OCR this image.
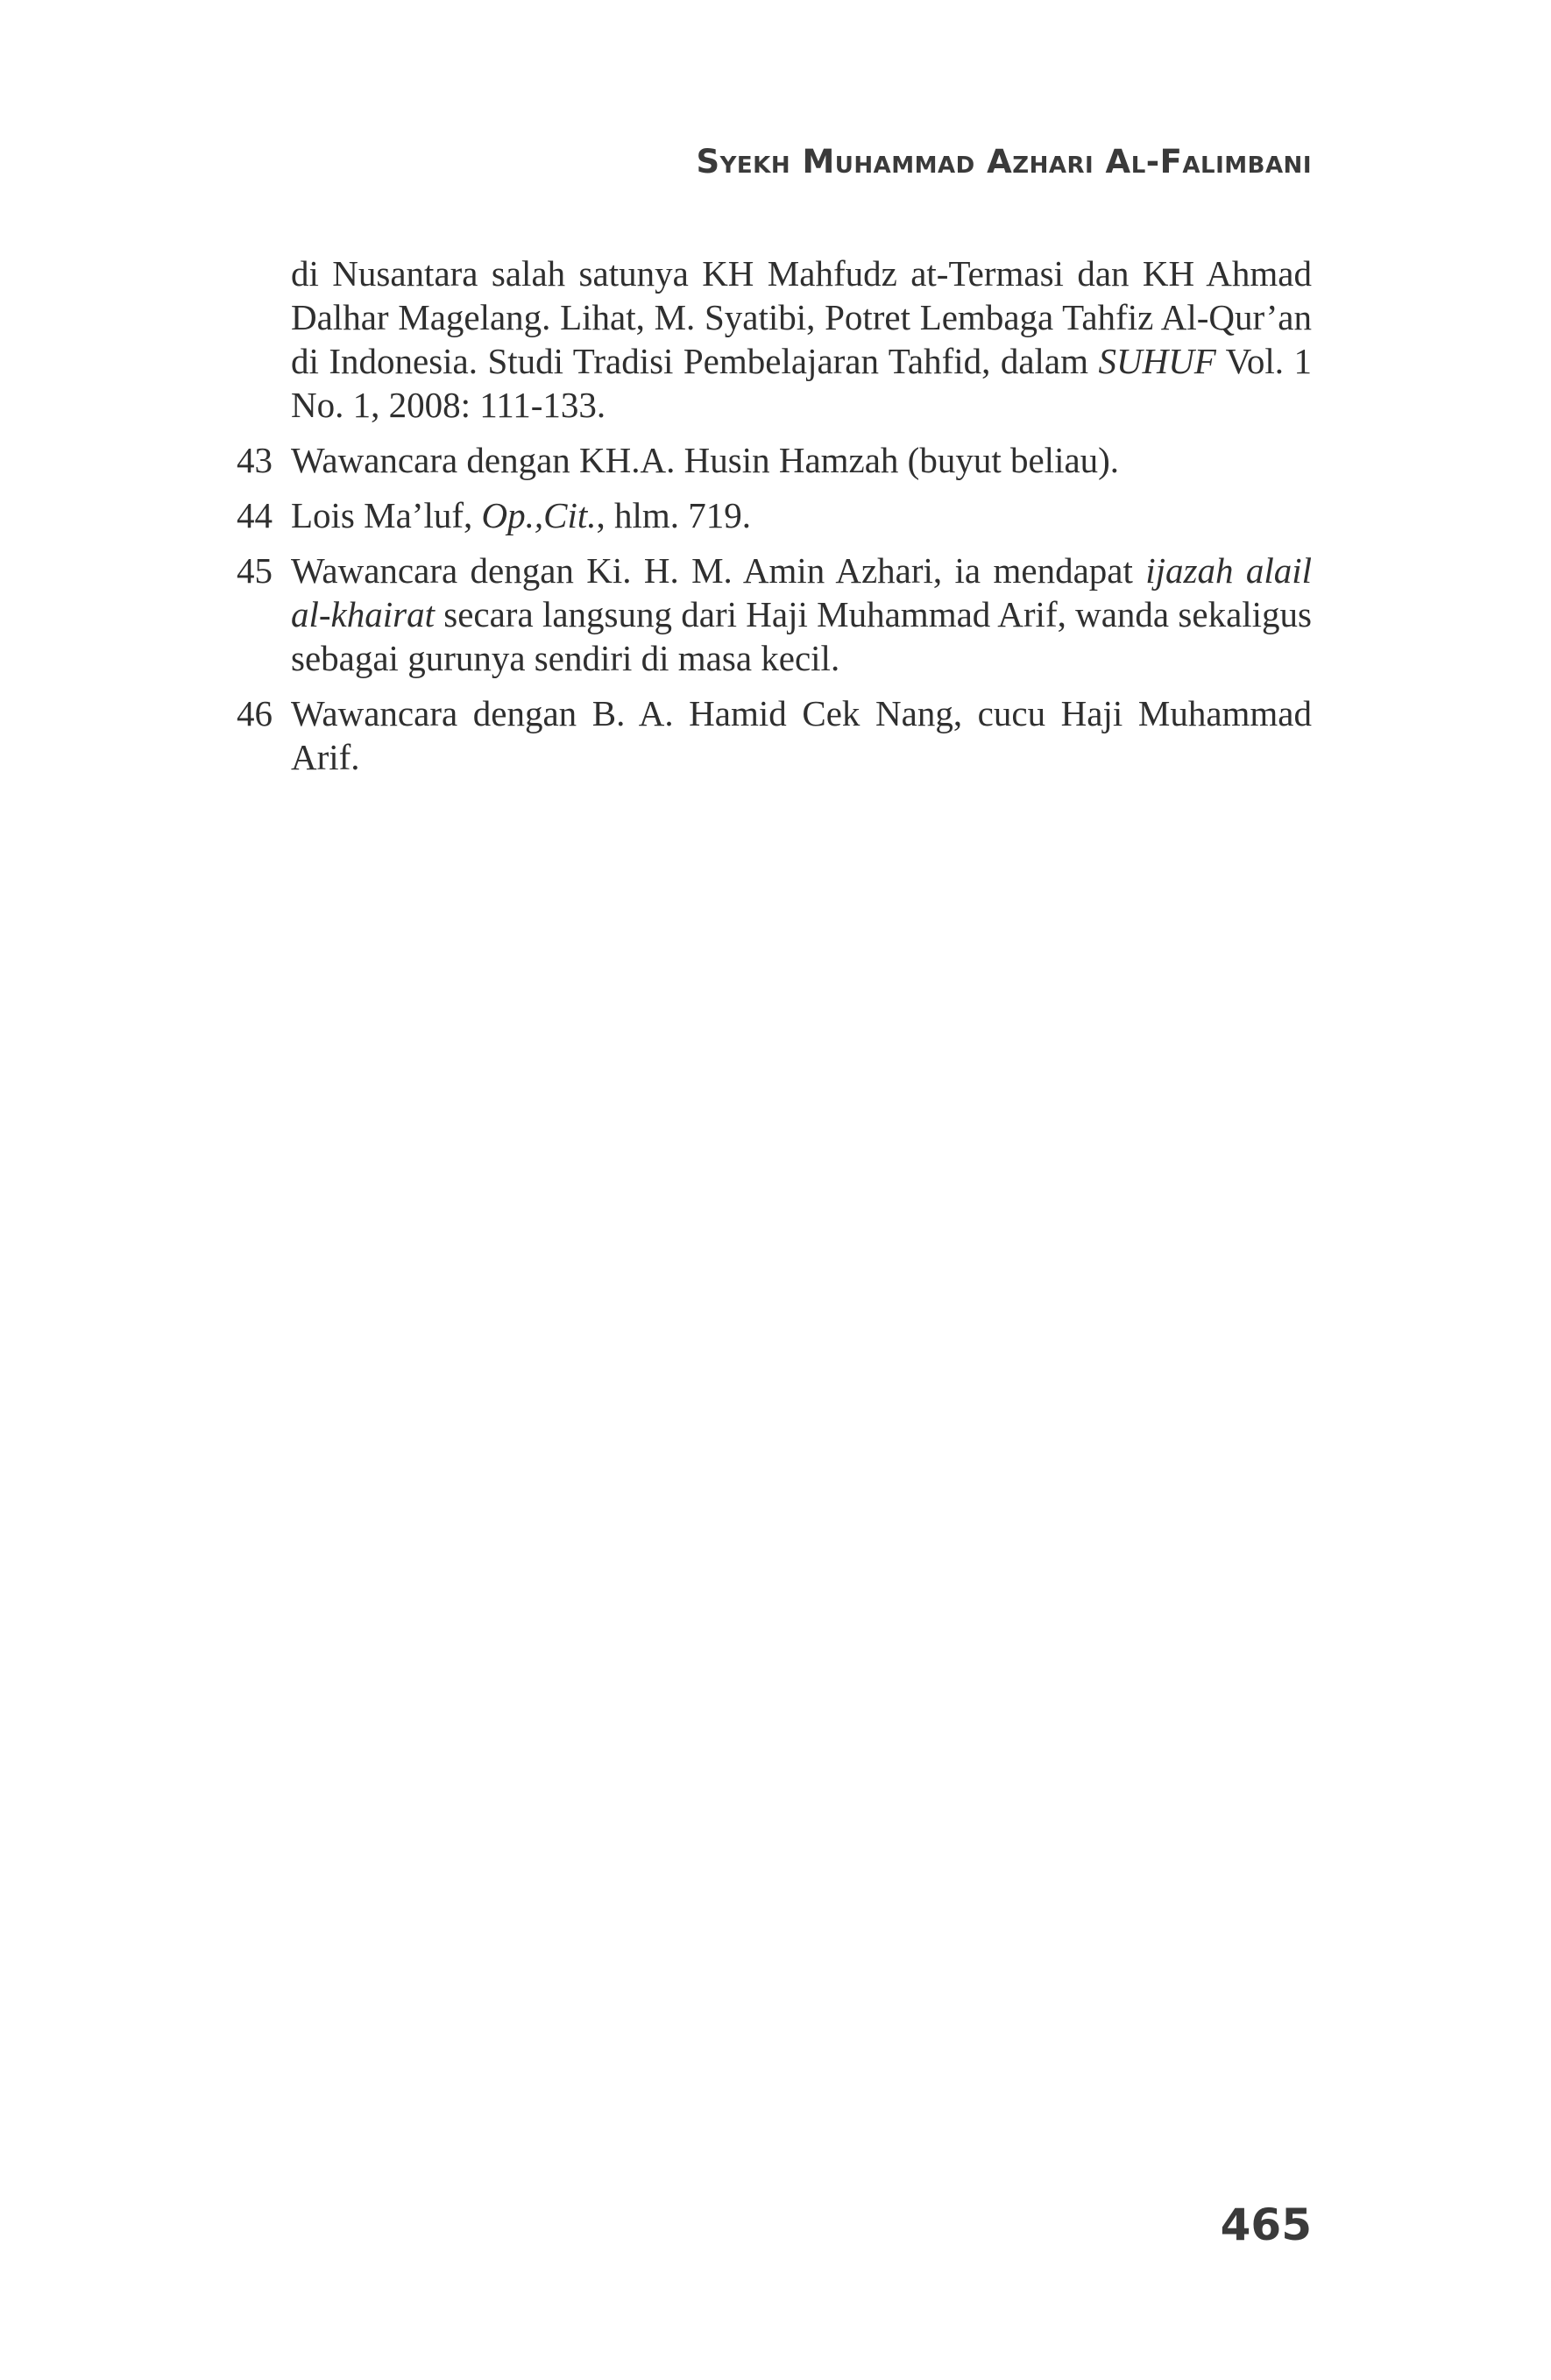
Syekh Muhammad Azhari Al-Falimbani
di Nusantara salah satunya KH Mahfudz at-Termasi dan KH Ahmad Dalhar Magelang. Lihat, M. Syatibi, Potret Lembaga Tahfiz Al-Qur’an di Indonesia. Studi Tradisi Pembelajaran Tahfid, dalam SUHUF Vol. 1 No. 1, 2008: 111-133.
43 Wawancara dengan KH.A. Husin Hamzah (buyut beliau).
44 Lois Ma’luf, Op.,Cit., hlm. 719.
45 Wawancara dengan Ki. H. M. Amin Azhari, ia mendapat ijazah alail al-khairat secara langsung dari Haji Muhammad Arif, wanda sekaligus sebagai gurunya sendiri di masa kecil.
46 Wawancara dengan B. A. Hamid Cek Nang, cucu Haji Muhammad Arif.
465
